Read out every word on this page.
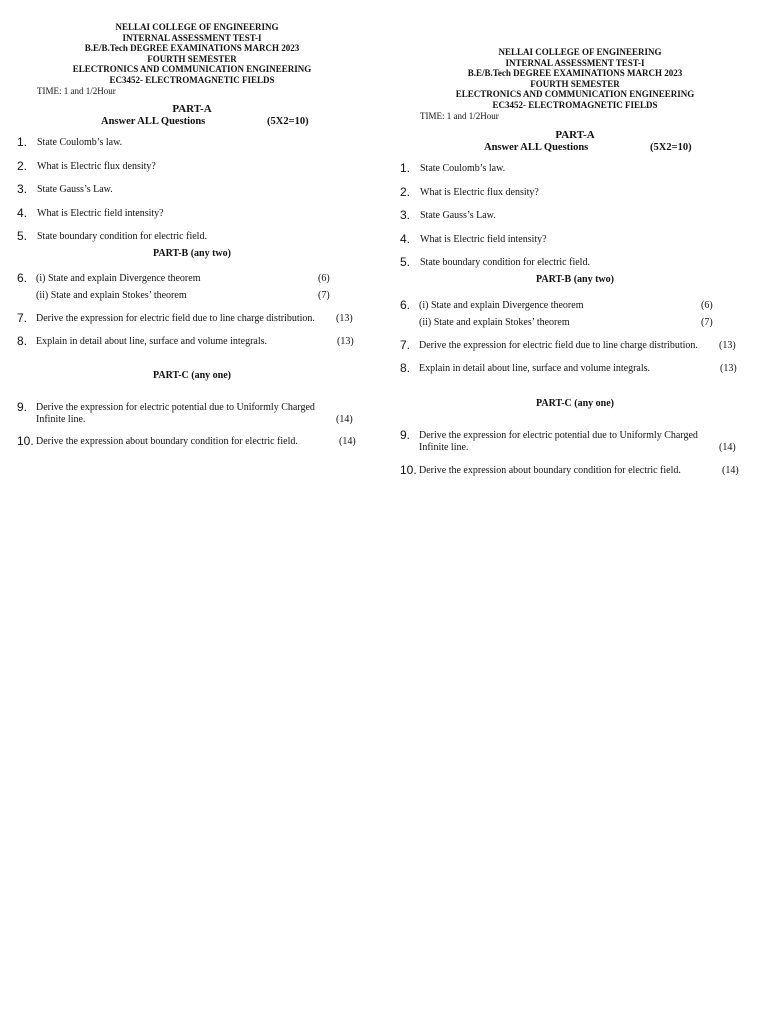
NELLAI COLLEGE OF ENGINEERING
INTERNAL ASSESSMENT TEST-I
B.E/B.Tech DEGREE EXAMINATIONS MARCH 2023
FOURTH SEMESTER
ELECTRONICS AND COMMUNICATION ENGINEERING
EC3452- ELECTROMAGNETIC FIELDS
TIME: 1 and 1/2Hour
PART-A
Answer ALL Questions	(5X2=10)
1. State Coulomb’s law.
2. What is Electric flux density?
3. State Gauss’s Law.
4. What is Electric field intensity?
5. State boundary condition for electric field.
PART-B (any two)
6. (i) State and explain Divergence theorem	(6)
(ii) State and explain Stokes’ theorem	(7)
7. Derive the expression for electric field due to line charge distribution.	(13)
8. Explain in detail about line, surface and volume integrals.	(13)
PART-C (any one)
9. Derive the expression for electric potential due to Uniformly Charged
Infinite line.	(14)
10. Derive the expression about boundary condition for electric field.	(14)
NELLAI COLLEGE OF ENGINEERING
INTERNAL ASSESSMENT TEST-I
B.E/B.Tech DEGREE EXAMINATIONS MARCH 2023
FOURTH SEMESTER
ELECTRONICS AND COMMUNICATION ENGINEERING
EC3452- ELECTROMAGNETIC FIELDS
TIME: 1 and 1/2Hour
PART-A
Answer ALL Questions	(5X2=10)
1. State Coulomb’s law.
2. What is Electric flux density?
3. State Gauss’s Law.
4. What is Electric field intensity?
5. State boundary condition for electric field.
PART-B (any two)
6. (i) State and explain Divergence theorem	(6)
(ii) State and explain Stokes’ theorem	(7)
7. Derive the expression for electric field due to line charge distribution.	(13)
8. Explain in detail about line, surface and volume integrals.	(13)
PART-C (any one)
9. Derive the expression for electric potential due to Uniformly Charged
Infinite line.	(14)
10. Derive the expression about boundary condition for electric field.	(14)
